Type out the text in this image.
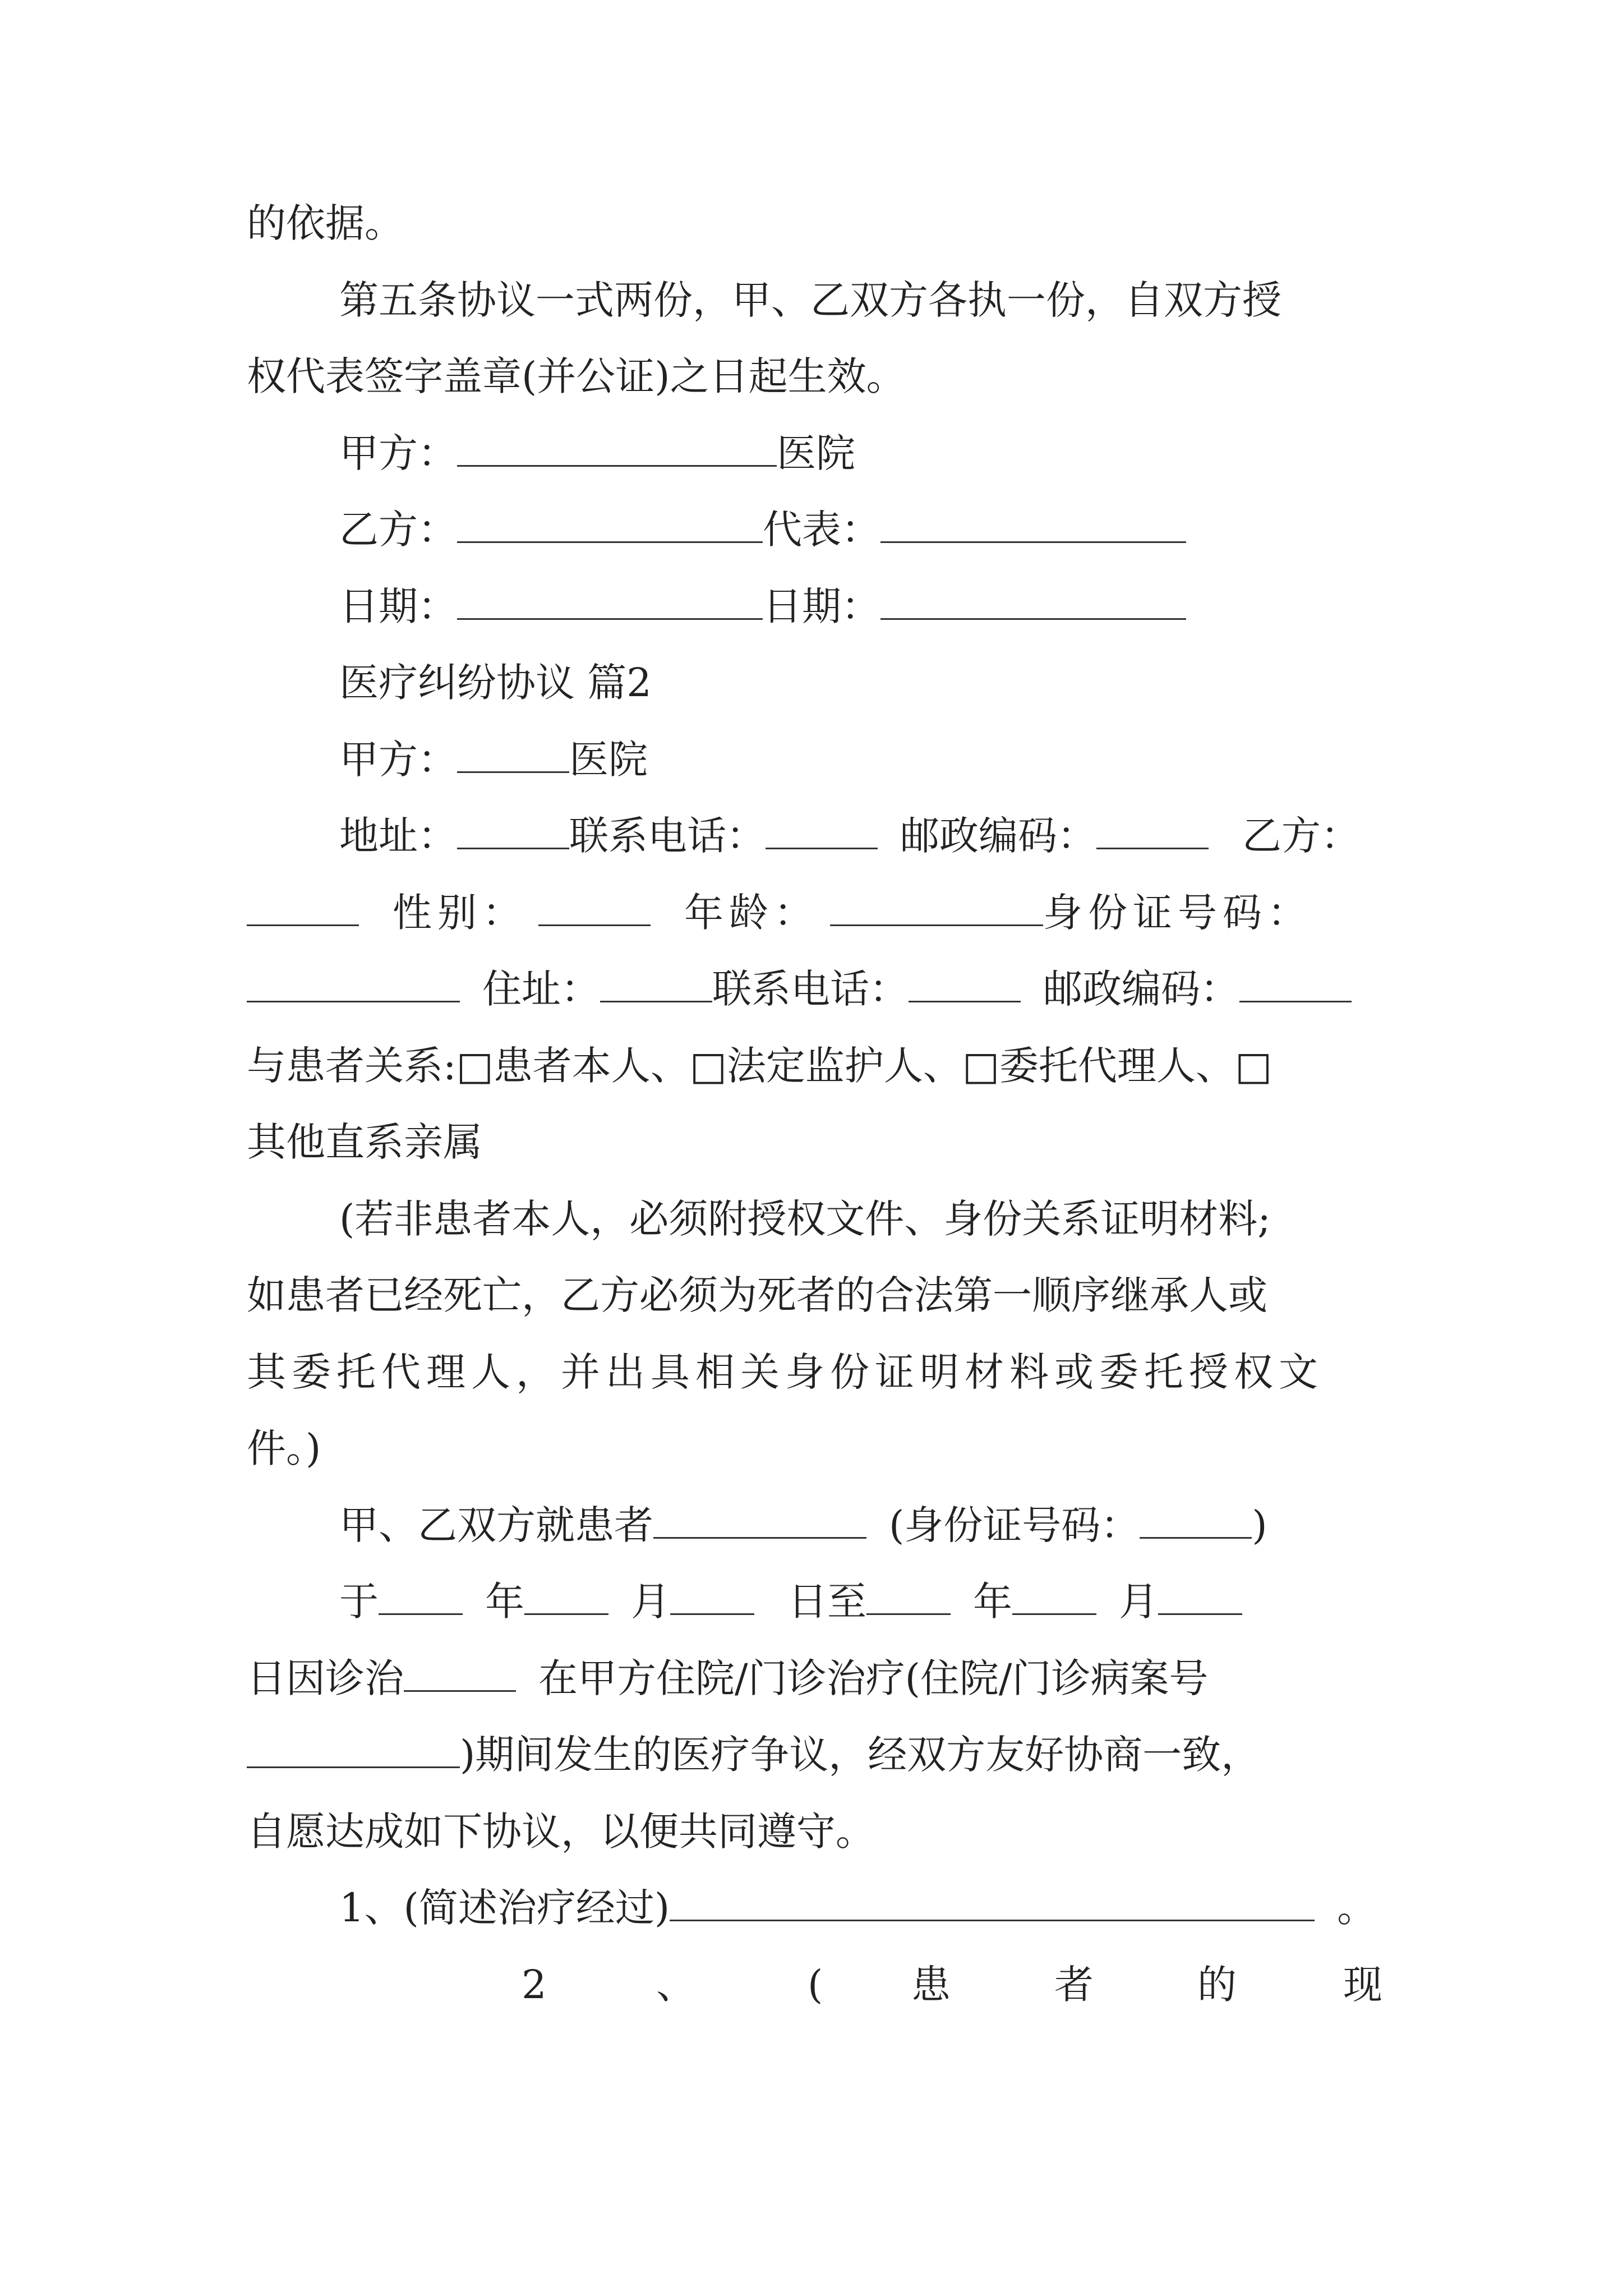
的依据。
第五条协议一式两份，甲、乙双方各执一份，自双方授
权代表签字盖章(并公证)之日起生效。
甲方：	医院
乙方：	代表：
日期：	日期：
医疗纠纷协议 篇2
甲方：	医院
地址：	联系电话：	邮政编码：	乙方：
性别：	年龄：	身份证号码：
住址：	联系电话：	邮政编码：
与患者关系:□患者本人、□法定监护人、□委托代理人、□
其他直系亲属
(若非患者本人，必须附授权文件、身份关系证明材料;
如患者已经死亡，乙方必须为死者的合法第一顺序继承人或
其委托代理人，并出具相关身份证明材料或委托授权文
件。)
甲、乙双方就患者	(身份证号码：	)
于	年	月	日至	年	月
日因诊治	在甲方住院/门诊治疗(住院/门诊病案号
)期间发生的医疗争议，经双方友好协商一致，
自愿达成如下协议，以便共同遵守。
1、(简述治疗经过)	。
2	、	( 患	者	的	现
